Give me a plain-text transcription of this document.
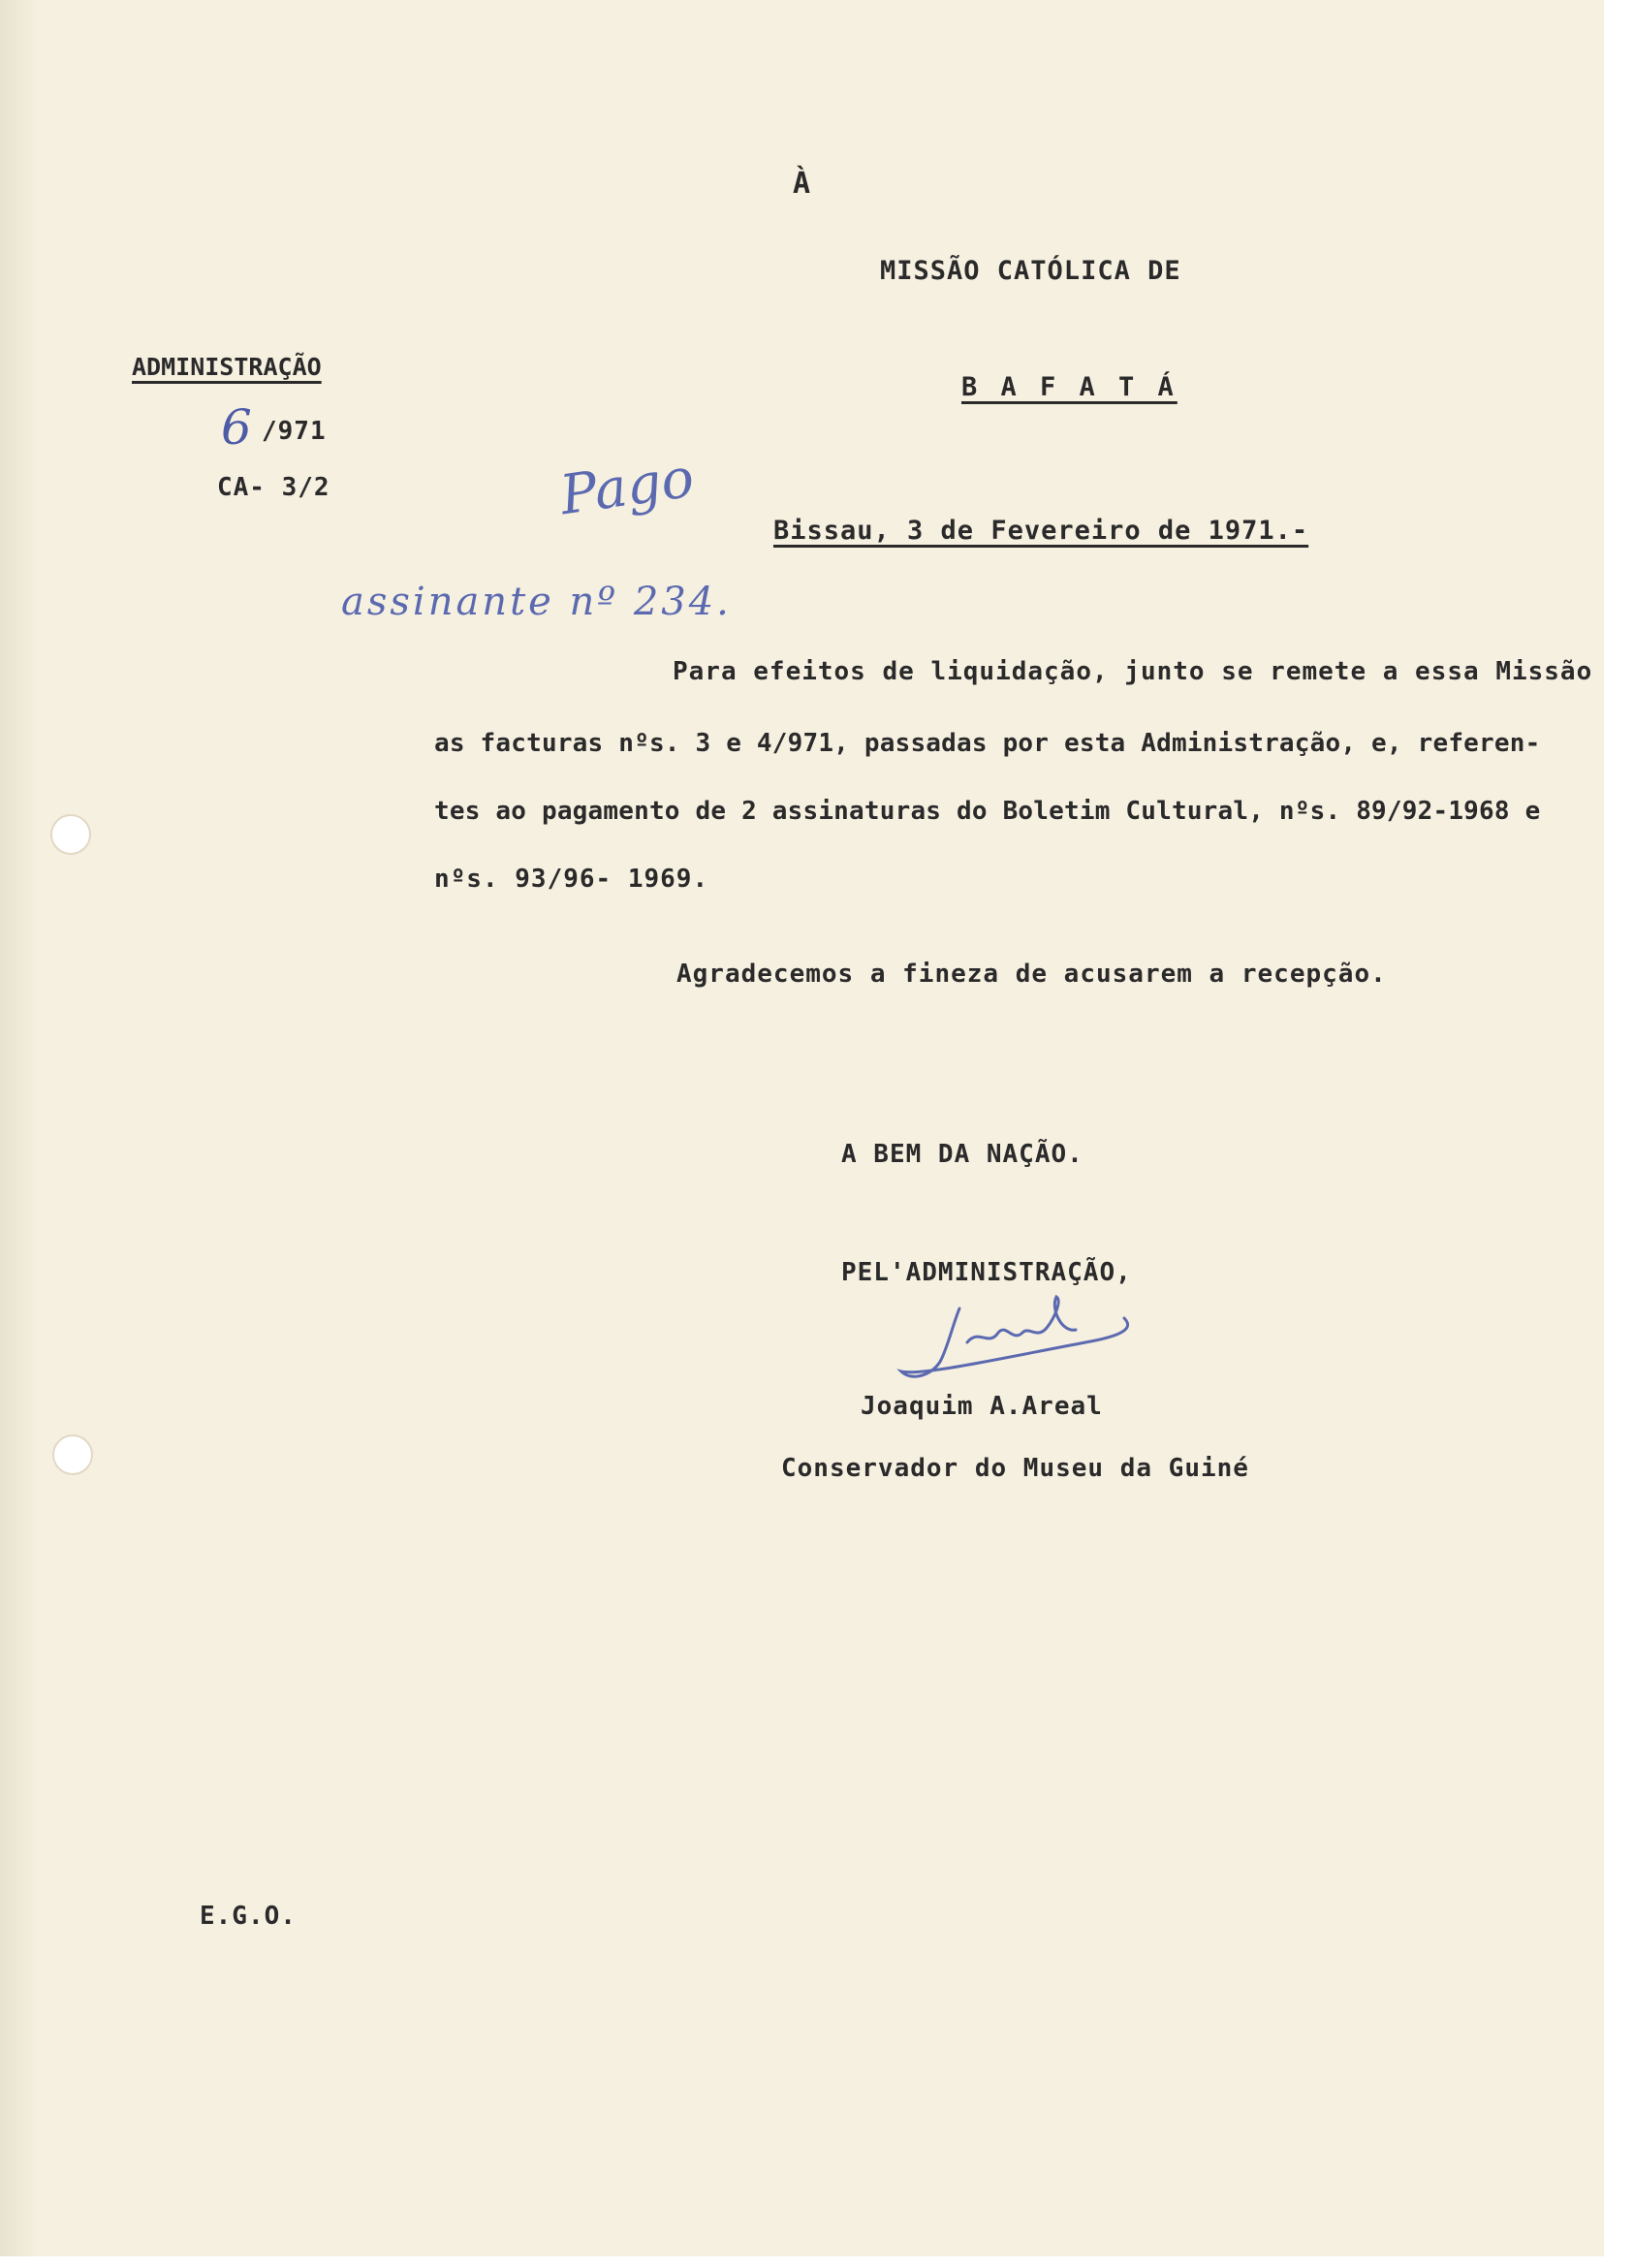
À
MISSÃO CATÓLICA DE
B A F A T Á
ADMINISTRAÇÃO
6 /971
CA- 3/2	Pago
assinante nº 234.
Bissau, 3 de Fevereiro de 1971.-
Para efeitos de liquidação, junto se remete a essa Missão
as facturas nºs. 3 e 4/971, passadas por esta Administração, e, referen-
tes ao pagamento de 2 assinaturas do Boletim Cultural, nºs. 89/92-1968 e
nºs. 93/96- 1969.
Agradecemos a fineza de acusarem a recepção.
A BEM DA NAÇÃO.
PEL'ADMINISTRAÇÃO,
Joaquim A.Areal
Conservador do Museu da Guiné
E.G.O.
